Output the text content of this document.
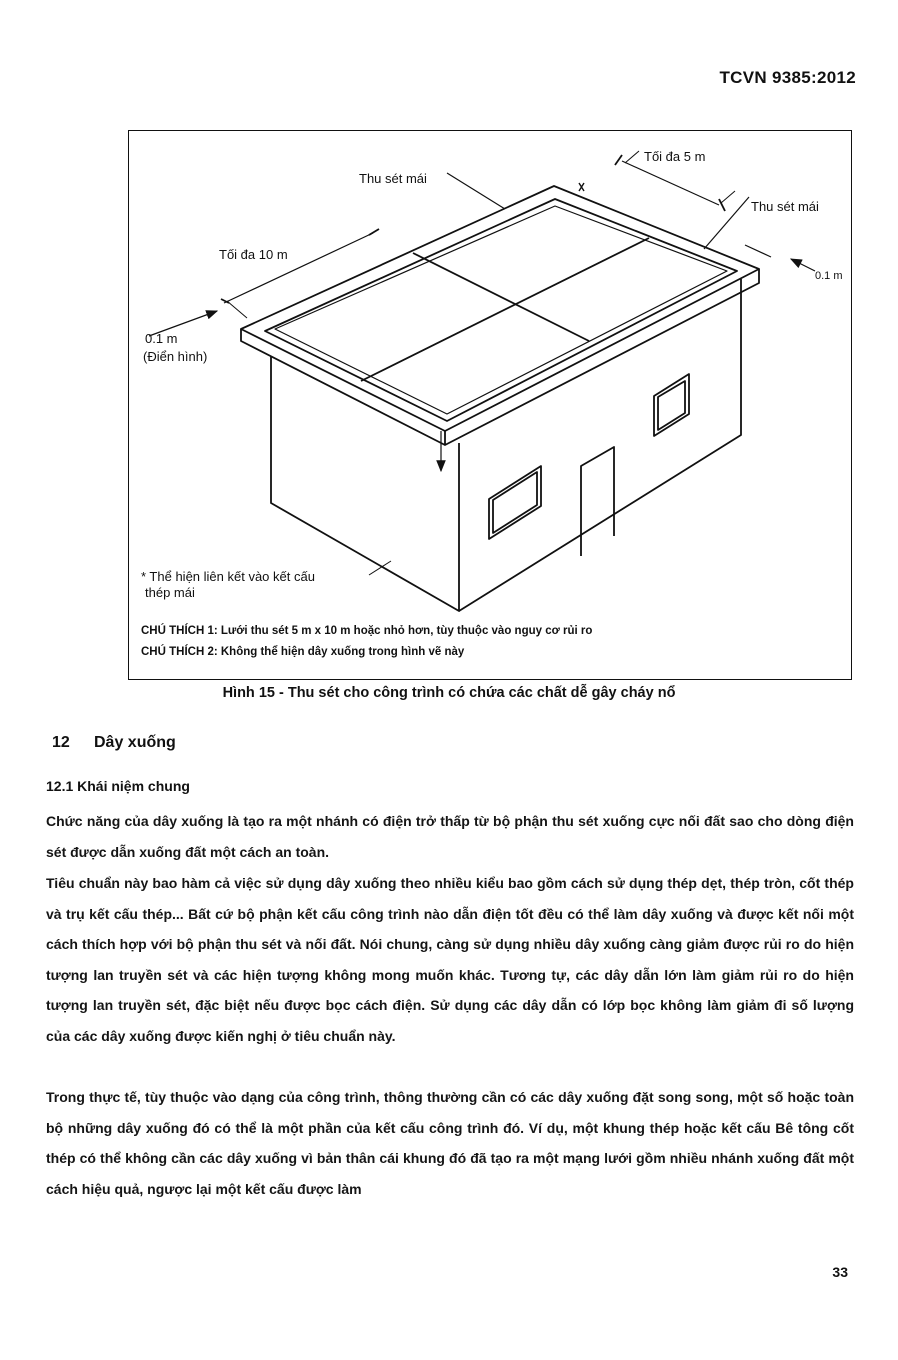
TCVN 9385:2012
Tối đa 5 m
Thu sét mái
Thu sét mái
Tối đa 10 m
0.1 m
0.1 m
(Điển hình)
* Thể hiện liên kết vào kết cấu
thép mái
CHÚ THÍCH 1: Lưới thu sét 5 m x 10 m hoặc nhỏ hơn, tùy thuộc vào nguy cơ rủi ro
CHÚ THÍCH 2: Không thể hiện dây xuống trong hình vẽ này
Hình 15 - Thu sét cho công trình có chứa các chất dễ gây cháy nổ
12 Dây xuống
12.1 Khái niệm chung
Chức năng của dây xuống là tạo ra một nhánh có điện trở thấp từ bộ phận thu sét xuống cực nối đất sao cho dòng điện sét được dẫn xuống đất một cách an toàn.
Tiêu chuẩn này bao hàm cả việc sử dụng dây xuống theo nhiều kiểu bao gồm cách sử dụng thép dẹt, thép tròn, cốt thép và trụ kết cấu thép... Bất cứ bộ phận kết cấu công trình nào dẫn điện tốt đều có thể làm dây xuống và được kết nối một cách thích hợp với bộ phận thu sét và nối đất. Nói chung, càng sử dụng nhiều dây xuống càng giảm được rủi ro do hiện tượng lan truyền sét và các hiện tượng không mong muốn khác. Tương tự, các dây dẫn lớn làm giảm rủi ro do hiện tượng lan truyền sét, đặc biệt nếu được bọc cách điện. Sử dụng các dây dẫn có lớp bọc không làm giảm đi số lượng của các dây xuống được kiến nghị ở tiêu chuẩn này.
Trong thực tế, tùy thuộc vào dạng của công trình, thông thường cần có các dây xuống đặt song song, một số hoặc toàn bộ những dây xuống đó có thể là một phần của kết cấu công trình đó. Ví dụ, một khung thép hoặc kết cấu Bê tông cốt thép có thể không cần các dây xuống vì bản thân cái khung đó đã tạo ra một mạng lưới gồm nhiều nhánh xuống đất một cách hiệu quả, ngược lại một kết cấu được làm
33
